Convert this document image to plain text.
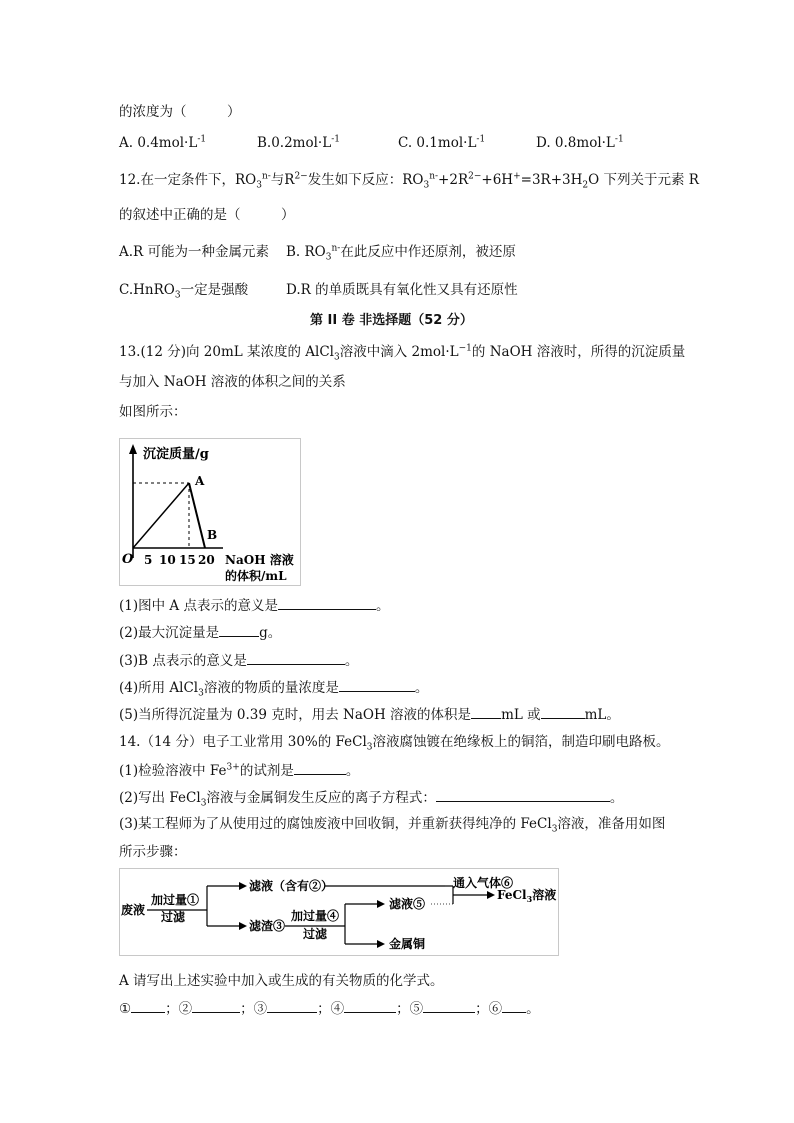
的浓度为（　　　）
A. $0.4mol\cdot L^{-1}$	$B.0.2mol\cdot L^{-1}$	C. $0.1mol\cdot L^{-1}$	D. $0.8mol\cdot L^{-1}$
12.在一定条件下，$RO_3^{n-}$与$R^{2-}$发生如下反应：$RO_3^{n-}+2R^{2-}+6H^+=3R+3H_2O$ 下列关于元素 R
的叙述中正确的是（　　　）
A.R 可能为一种金属元素 B. $RO_3^{n-}$在此反应中作还原剂，被还原
C.HnRO$_3$一定是强酸	D.R 的单质既具有氧化性又具有还原性
第 II 卷 非选择题（52 分）
13.(12 分)向 20mL 某浓度的 AlCl$_3$溶液中滴入 $2mol\cdot L^{-1}$的 NaOH 溶液时，所得的沉淀质量
与加入 NaOH 溶液的体积之间的关系
如图所示：
沉淀质量/g
A
B
O 5 10 15 20 NaOH 溶液
的体积/mL
(1)图中 A 点表示的意义是	。
(2)最大沉淀量是	g。
(3)B 点表示的意义是	。
(4)所用 AlCl$_3$溶液的物质的量浓度是	。
(5)当所得沉淀量为 0.39 克时，用去 NaOH 溶液的体积是 mL 或	mL。
14.（14 分）电子工业常用 30%的 FeCl$_3$溶液腐蚀镀在绝缘板上的铜箔，制造印刷电路板。
(1)检验溶液中 $Fe^{3+}$的试剂是	。
(2)写出 FeCl$_3$溶液与金属铜发生反应的离子方程式：	。
(3)某工程师为了从使用过的腐蚀废液中回收铜，并重新获得纯净的 FeCl$_3$溶液，准备用如图
所示步骤：
废液
加过量①
过滤
滤液（含有②）
滤渣③
加过量④
过滤
滤液⑤
金属铜
通入气体⑥
FeCl$_3$溶液
A 请写出上述实验中加入或生成的有关物质的化学式。
①	；②	；③	；④	；⑤	；⑥ 。
